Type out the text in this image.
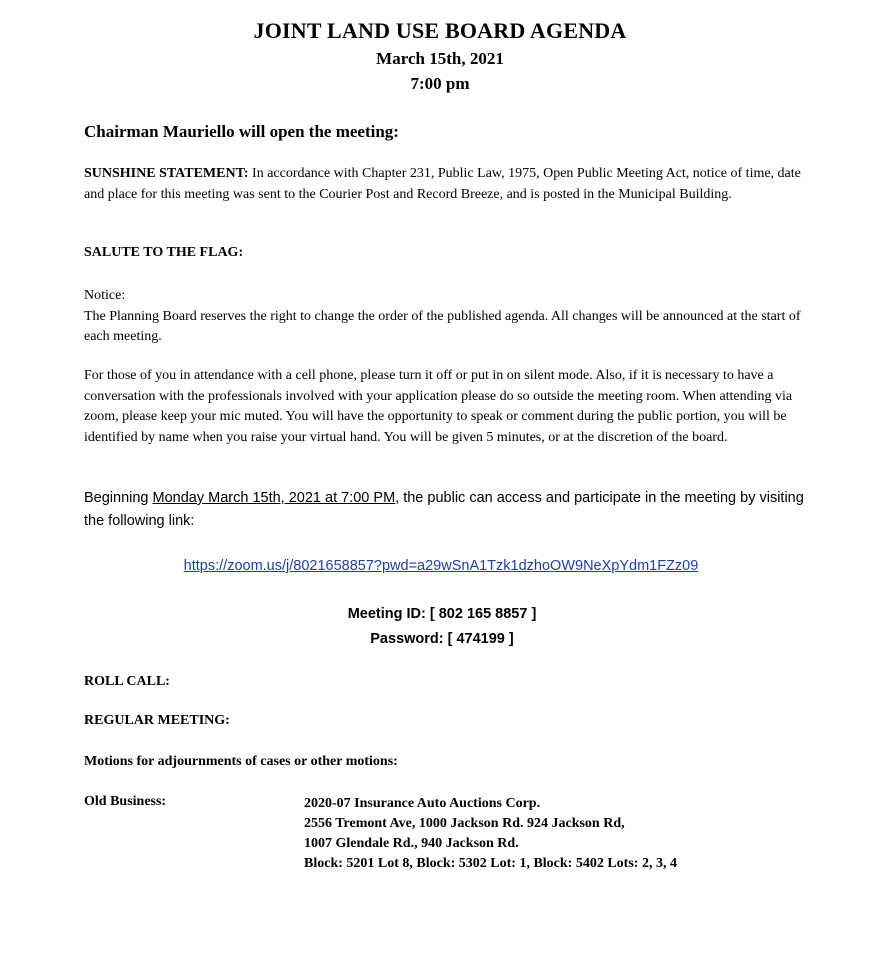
JOINT LAND USE BOARD AGENDA
March 15th, 2021
7:00 pm
Chairman Mauriello will open the meeting:
SUNSHINE STATEMENT: In accordance with Chapter 231, Public Law, 1975, Open Public Meeting Act, notice of time, date and place for this meeting was sent to the Courier Post and Record Breeze, and is posted in the Municipal Building.
SALUTE TO THE FLAG:
Notice:
The Planning Board reserves the right to change the order of the published agenda. All changes will be announced at the start of each meeting.
For those of you in attendance with a cell phone, please turn it off or put in on silent mode. Also, if it is necessary to have a conversation with the professionals involved with your application please do so outside the meeting room. When attending via zoom, please keep your mic muted. You will have the opportunity to speak or comment during the public portion, you will be identified by name when you raise your virtual hand. You will be given 5 minutes, or at the discretion of the board.
Beginning Monday March 15th, 2021 at 7:00 PM, the public can access and participate in the meeting by visiting the following link:
https://zoom.us/j/8021658857?pwd=a29wSnA1Tzk1dzhoOW9NeXpYdm1FZz09
Meeting ID: [ 802 165 8857 ]
Password: [ 474199 ]
ROLL CALL:
REGULAR MEETING:
Motions for adjournments of cases or other motions:
Old Business:	2020-07 Insurance Auto Auctions Corp.
2556 Tremont Ave, 1000 Jackson Rd. 924 Jackson Rd,
1007 Glendale Rd., 940 Jackson Rd.
Block: 5201 Lot 8, Block: 5302 Lot: 1, Block: 5402 Lots: 2, 3, 4
